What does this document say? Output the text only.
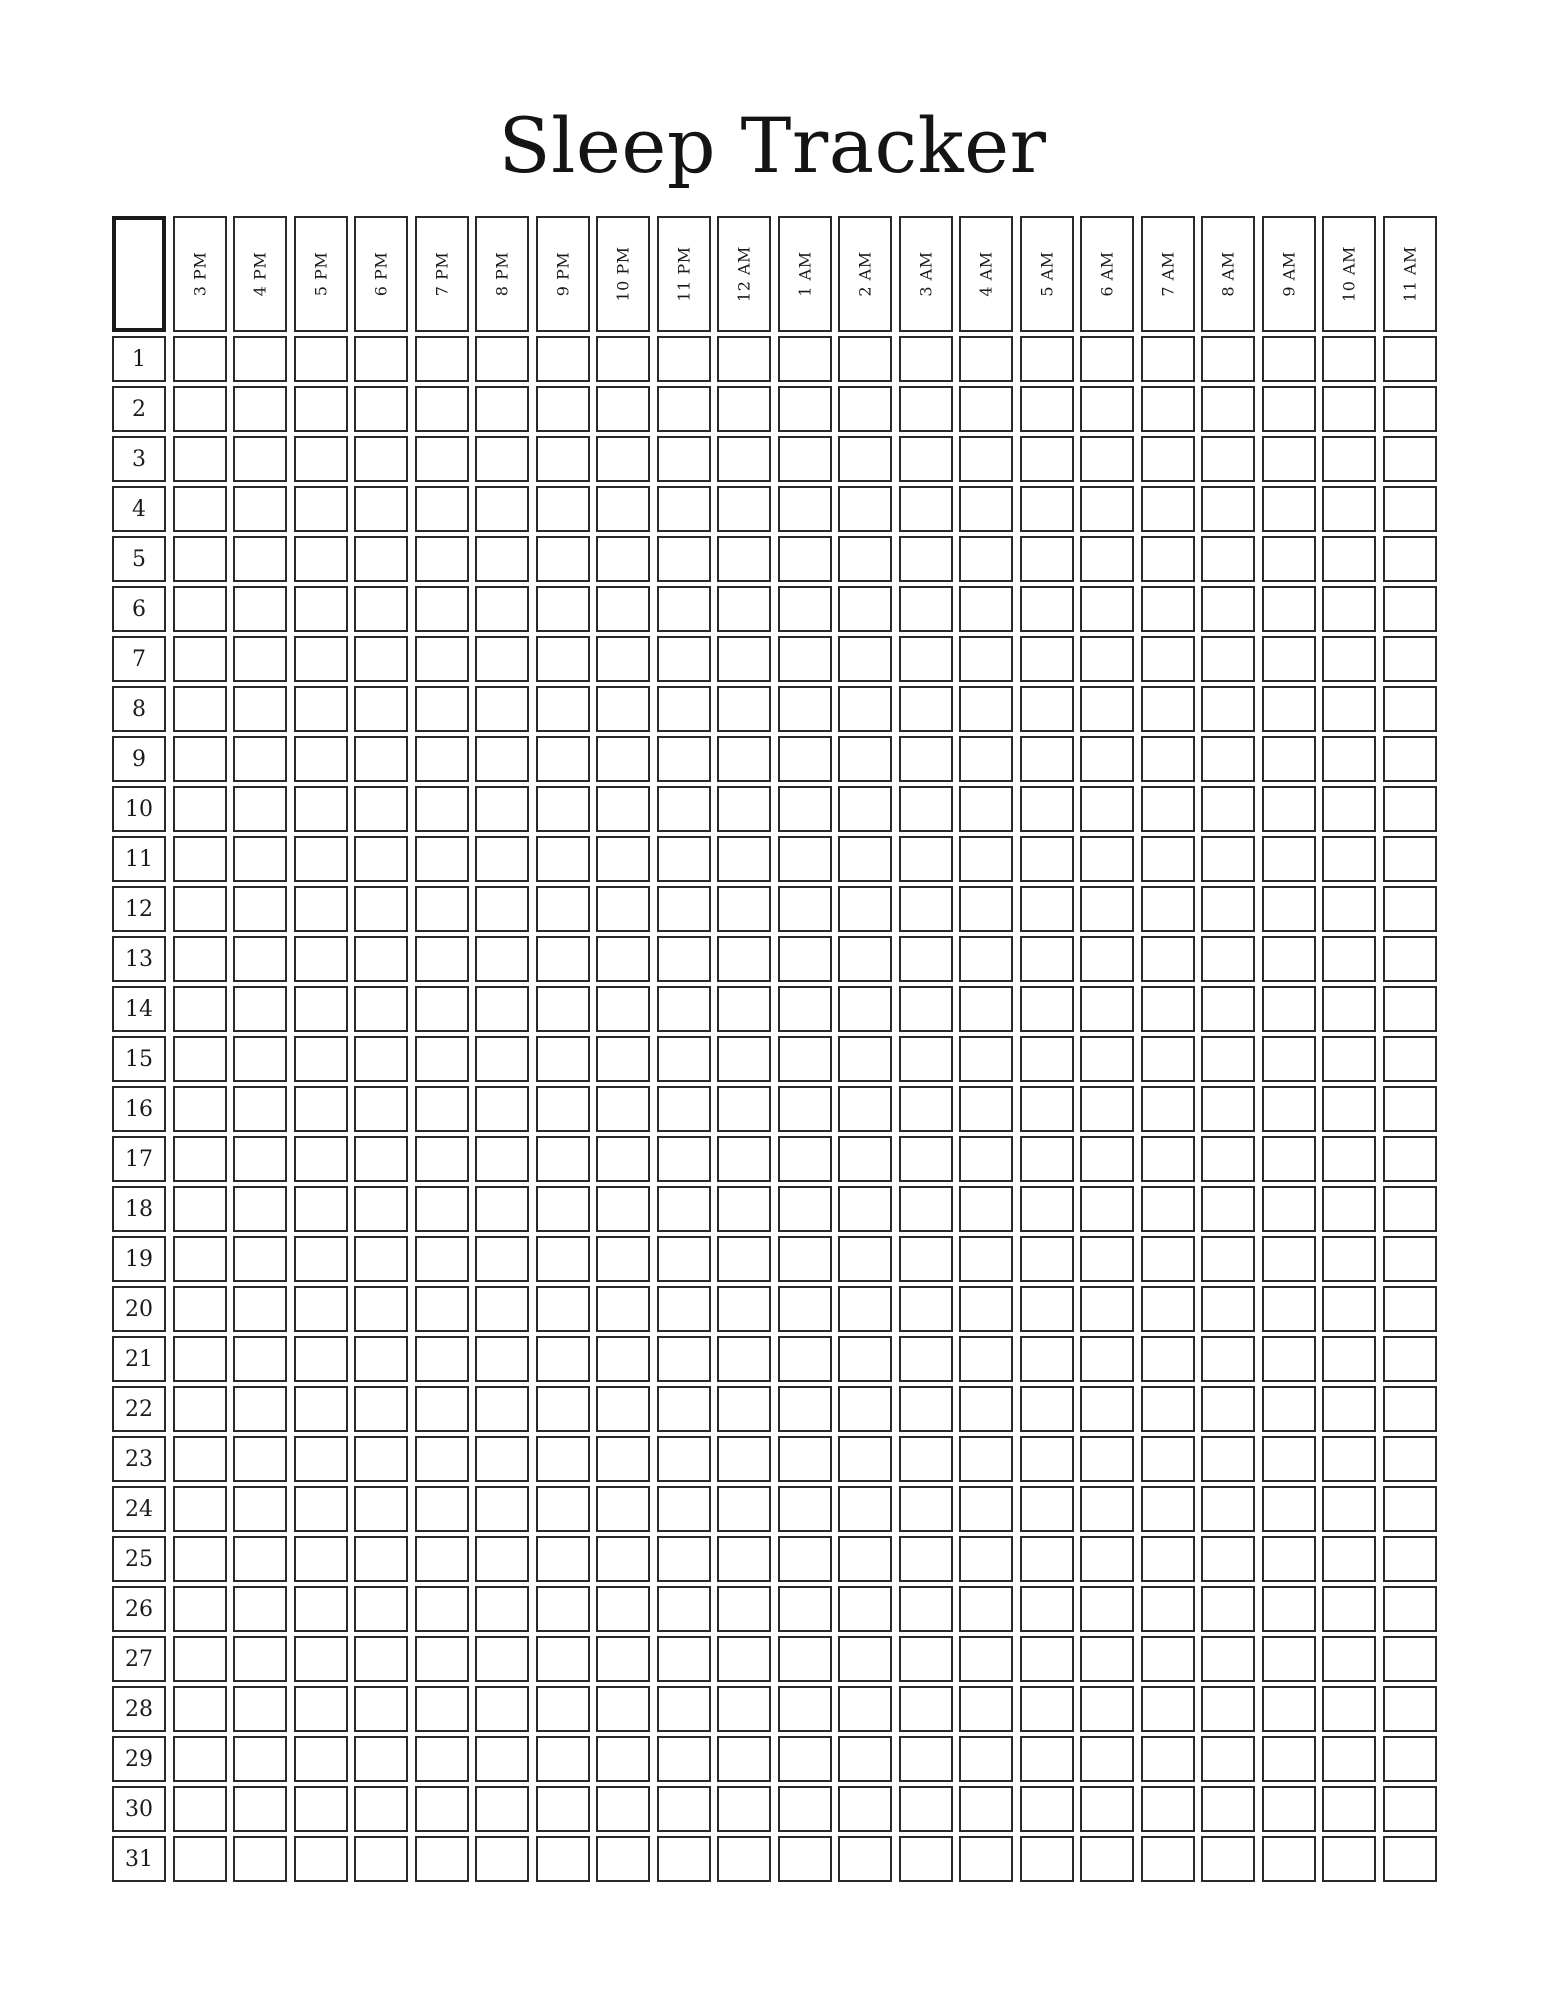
Sleep Tracker
3 PM	4 PM	5 PM	6 PM	7 PM	8 PM	9 PM	10 PM	11 PM	12 AM	1 AM	2 AM	3 AM	4 AM	5 AM	6 AM	7 AM	8 AM	9 AM	10 AM	11 AM
1
2
3
4
5
6
7
8
9
10
11
12
13
14
15
16
17
18
19
20
21
22
23
24
25
26
27
28
29
30
31
